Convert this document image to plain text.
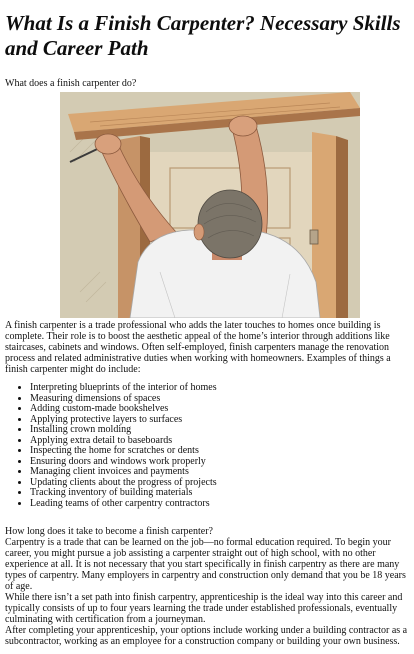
What Is a Finish Carpenter? Necessary Skills and Career Path

What does a finish carpenter do?

A finish carpenter is a trade professional who adds the later touches to homes once building is complete. Their role is to boost the aesthetic appeal of the home’s interior through additions like staircases, cabinets and windows. Often self-employed, finish carpenters manage the renovation process and related administrative duties when working with homeowners. Examples of things a finish carpenter might do include:

• Interpreting blueprints of the interior of homes
• Measuring dimensions of spaces
• Adding custom-made bookshelves
• Applying protective layers to surfaces
• Installing crown molding
• Applying extra detail to baseboards
• Inspecting the home for scratches or dents
• Ensuring doors and windows work properly
• Managing client invoices and payments
• Updating clients about the progress of projects
• Tracking inventory of building materials
• Leading teams of other carpentry contractors

How long does it take to become a finish carpenter?

Carpentry is a trade that can be learned on the job—no formal education required. To begin your career, you might pursue a job assisting a carpenter straight out of high school, with no other experience at all. It is not necessary that you start specifically in finish carpentry as there are many types of carpentry. Many employers in carpentry and construction only demand that you be 18 years of age.

While there isn’t a set path into finish carpentry, apprenticeship is the ideal way into this career and typically consists of up to four years learning the trade under established professionals, eventually culminating with certification from a journeyman.

After completing your apprenticeship, your options include working under a building contractor as a subcontractor, working as an employee for a construction company or building your own business.
